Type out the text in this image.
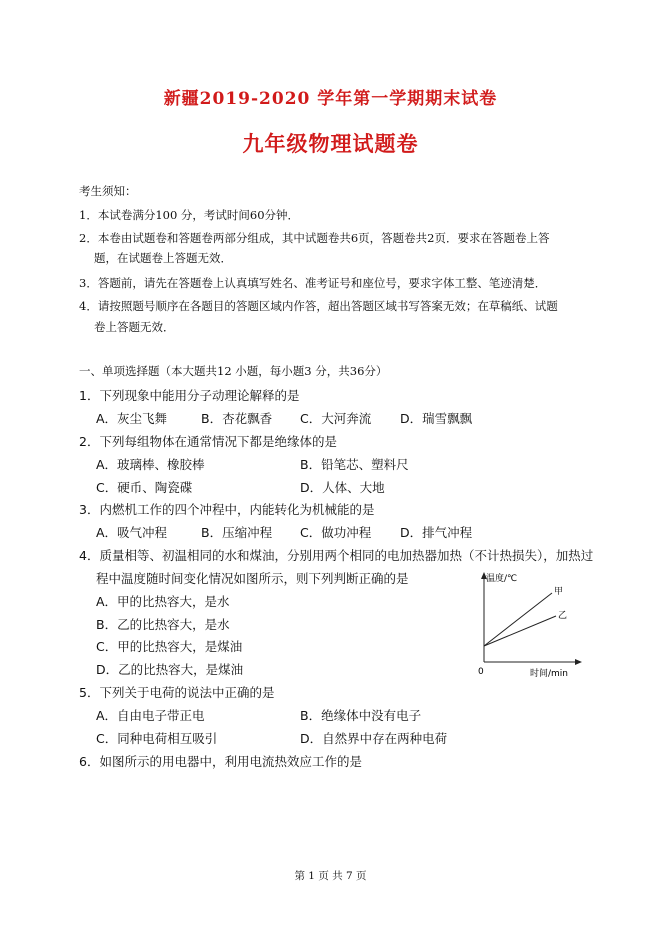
新疆2019-2020 学年第一学期期末试卷
九年级物理试题卷
考生须知：
1．本试卷满分100 分，考试时间60分钟．
2．本卷由试题卷和答题卷两部分组成，其中试题卷共6页，答题卷共2页．要求在答题卷上答
题，在试题卷上答题无效．
3．答题前，请先在答题卷上认真填写姓名、准考证号和座位号，要求字体工整、笔迹清楚．
4．请按照题号顺序在各题目的答题区域内作答，超出答题区域书写答案无效；在草稿纸、试题
卷上答题无效．
一、单项选择题（本大题共12 小题，每小题3 分，共36分）
1．下列现象中能用分子动理论解释的是
A．灰尘飞舞	B．杏花飘香 C．大河奔流 D．瑞雪飘飘
2．下列每组物体在通常情况下都是绝缘体的是
A．玻璃棒、橡胶棒	B．铅笔芯、塑料尺
C．硬币、陶瓷碟	D．人体、大地
3．内燃机工作的四个冲程中，内能转化为机械能的是
A．吸气冲程	B．压缩冲程 C．做功冲程 D．排气冲程
4．质量相等、初温相同的水和煤油，分别用两个相同的电加热器加热（不计热损失），加热过
程中温度随时间变化情况如图所示，则下列判断正确的是
A．甲的比热容大，是水
B．乙的比热容大，是水
C．甲的比热容大，是煤油
D．乙的比热容大，是煤油
温度/℃
时间/min
0
甲
乙
5．下列关于电荷的说法中正确的是
A．自由电子带正电	B．绝缘体中没有电子
C．同种电荷相互吸引	D．自然界中存在两种电荷
6．如图所示的用电器中，利用电流热效应工作的是
第 1 页 共 7 页
